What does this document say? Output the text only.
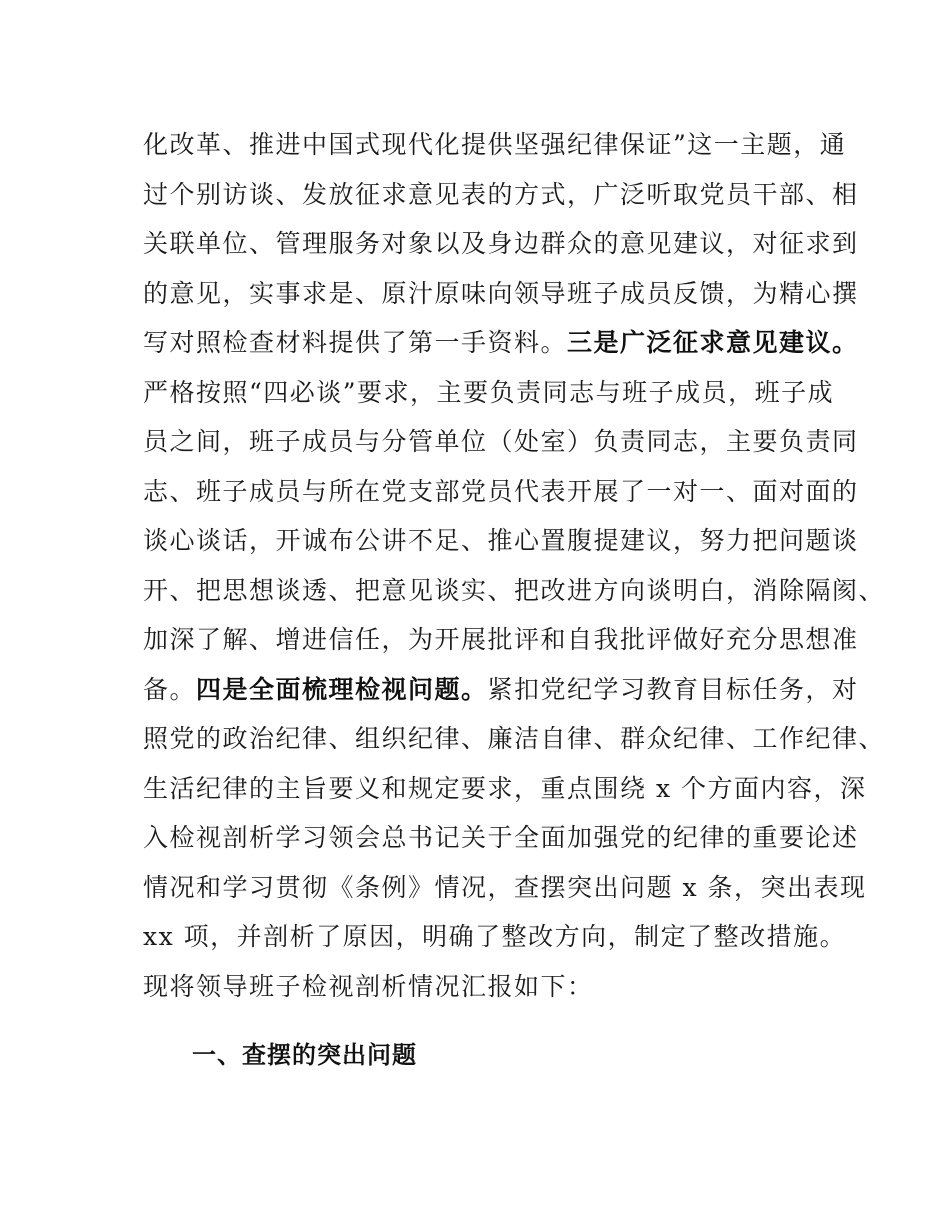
化改革、推进中国式现代化提供坚强纪律保证”这一主题，通
过个别访谈、发放征求意见表的方式，广泛听取党员干部、相
关联单位、管理服务对象以及身边群众的意见建议，对征求到
的意见，实事求是、原汁原味向领导班子成员反馈，为精心撰
写对照检查材料提供了第一手资料。三是广泛征求意见建议。
严格按照“四必谈”要求，主要负责同志与班子成员，班子成
员之间，班子成员与分管单位（处室）负责同志，主要负责同
志、班子成员与所在党支部党员代表开展了一对一、面对面的
谈心谈话，开诚布公讲不足、推心置腹提建议，努力把问题谈
开、把思想谈透、把意见谈实、把改进方向谈明白，消除隔阂、
加深了解、增进信任，为开展批评和自我批评做好充分思想准
备。四是全面梳理检视问题。紧扣党纪学习教育目标任务，对
照党的政治纪律、组织纪律、廉洁自律、群众纪律、工作纪律、
生活纪律的主旨要义和规定要求，重点围绕 x 个方面内容，深
入检视剖析学习领会总书记关于全面加强党的纪律的重要论述
情况和学习贯彻《条例》情况，查摆突出问题 x 条，突出表现
xx 项，并剖析了原因，明确了整改方向，制定了整改措施。
现将领导班子检视剖析情况汇报如下：
一、查摆的突出问题
